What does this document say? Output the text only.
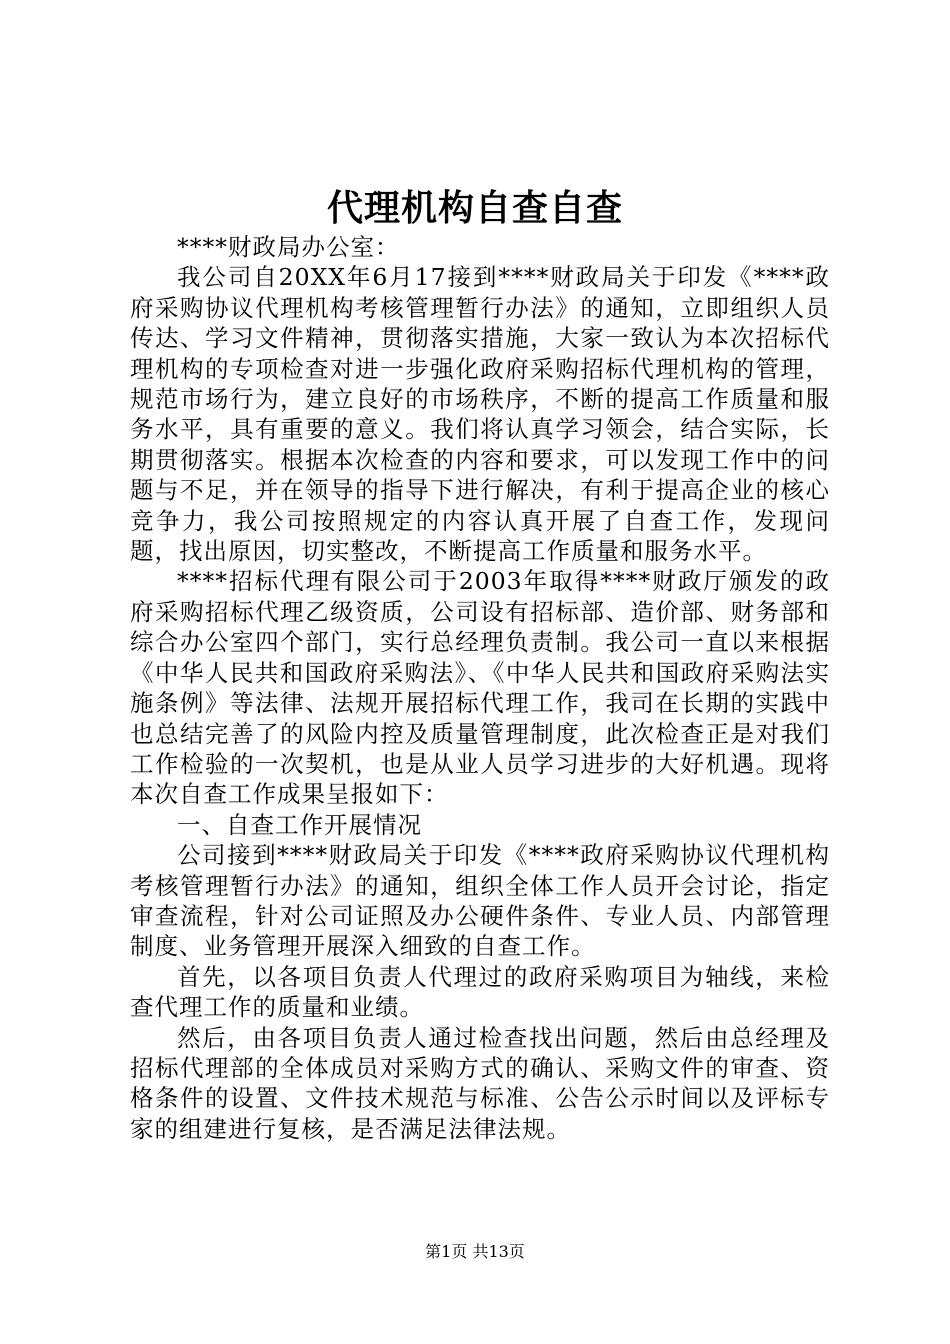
代理机构自查自查

****财政局办公室：

我公司自20XX年6月17接到****财政局关于印发《****政府采购协议代理机构考核管理暂行办法》的通知，立即组织人员传达、学习文件精神，贯彻落实措施，大家一致认为本次招标代理机构的专项检查对进一步强化政府采购招标代理机构的管理，规范市场行为，建立良好的市场秩序，不断的提高工作质量和服务水平，具有重要的意义。我们将认真学习领会，结合实际，长期贯彻落实。根据本次检查的内容和要求，可以发现工作中的问题与不足，并在领导的指导下进行解决，有利于提高企业的核心竞争力，我公司按照规定的内容认真开展了自查工作，发现问题，找出原因，切实整改，不断提高工作质量和服务水平。

****招标代理有限公司于2003年取得****财政厅颁发的政府采购招标代理乙级资质，公司设有招标部、造价部、财务部和综合办公室四个部门，实行总经理负责制。我公司一直以来根据《中华人民共和国政府采购法》、《中华人民共和国政府采购法实施条例》等法律、法规开展招标代理工作，我司在长期的实践中也总结完善了的风险内控及质量管理制度，此次检查正是对我们工作检验的一次契机，也是从业人员学习进步的大好机遇。现将本次自查工作成果呈报如下：

一、自查工作开展情况

公司接到****财政局关于印发《****政府采购协议代理机构考核管理暂行办法》的通知，组织全体工作人员开会讨论，指定审查流程，针对公司证照及办公硬件条件、专业人员、内部管理制度、业务管理开展深入细致的自查工作。

首先，以各项目负责人代理过的政府采购项目为轴线，来检查代理工作的质量和业绩。

然后，由各项目负责人通过检查找出问题，然后由总经理及招标代理部的全体成员对采购方式的确认、采购文件的审查、资格条件的设置、文件技术规范与标准、公告公示时间以及评标专家的组建进行复核，是否满足法律法规。

第1页 共13页
